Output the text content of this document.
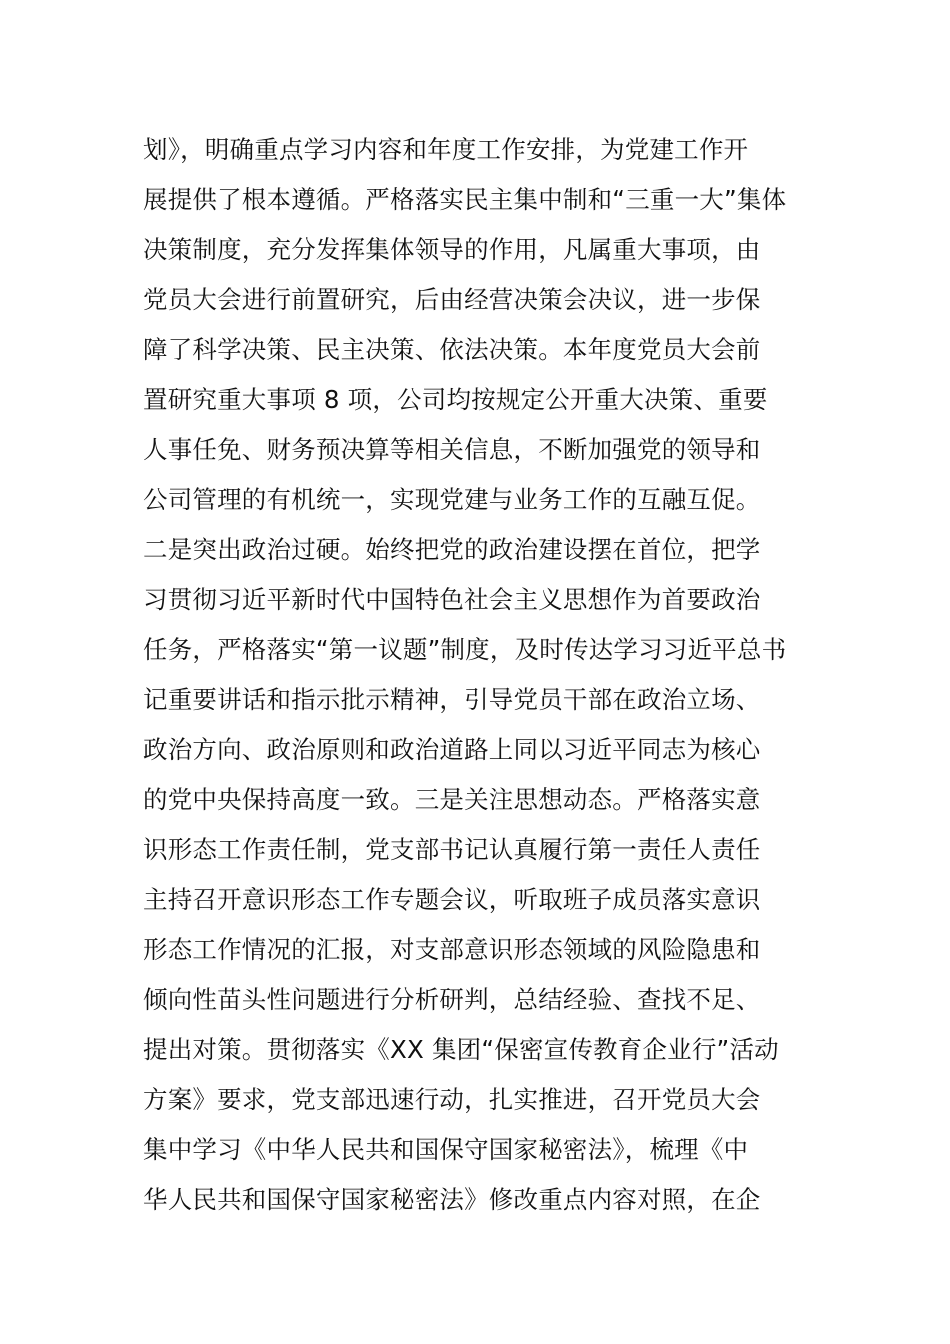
划》，明确重点学习内容和年度工作安排，为党建工作开
展提供了根本遵循。严格落实民主集中制和“三重一大”集体
决策制度，充分发挥集体领导的作用，凡属重大事项，由
党员大会进行前置研究，后由经营决策会决议，进一步保
障了科学决策、民主决策、依法决策。本年度党员大会前
置研究重大事项 8 项，公司均按规定公开重大决策、重要
人事任免、财务预决算等相关信息，不断加强党的领导和
公司管理的有机统一，实现党建与业务工作的互融互促。
二是突出政治过硬。始终把党的政治建设摆在首位，把学
习贯彻习近平新时代中国特色社会主义思想作为首要政治
任务，严格落实“第一议题”制度，及时传达学习习近平总书
记重要讲话和指示批示精神，引导党员干部在政治立场、
政治方向、政治原则和政治道路上同以习近平同志为核心
的党中央保持高度一致。三是关注思想动态。严格落实意
识形态工作责任制，党支部书记认真履行第一责任人责任
主持召开意识形态工作专题会议，听取班子成员落实意识
形态工作情况的汇报，对支部意识形态领域的风险隐患和
倾向性苗头性问题进行分析研判，总结经验、查找不足、
提出对策。贯彻落实《XX 集团“保密宣传教育企业行”活动
方案》要求，党支部迅速行动，扎实推进，召开党员大会
集中学习《中华人民共和国保守国家秘密法》，梳理《中
华人民共和国保守国家秘密法》修改重点内容对照，在企
